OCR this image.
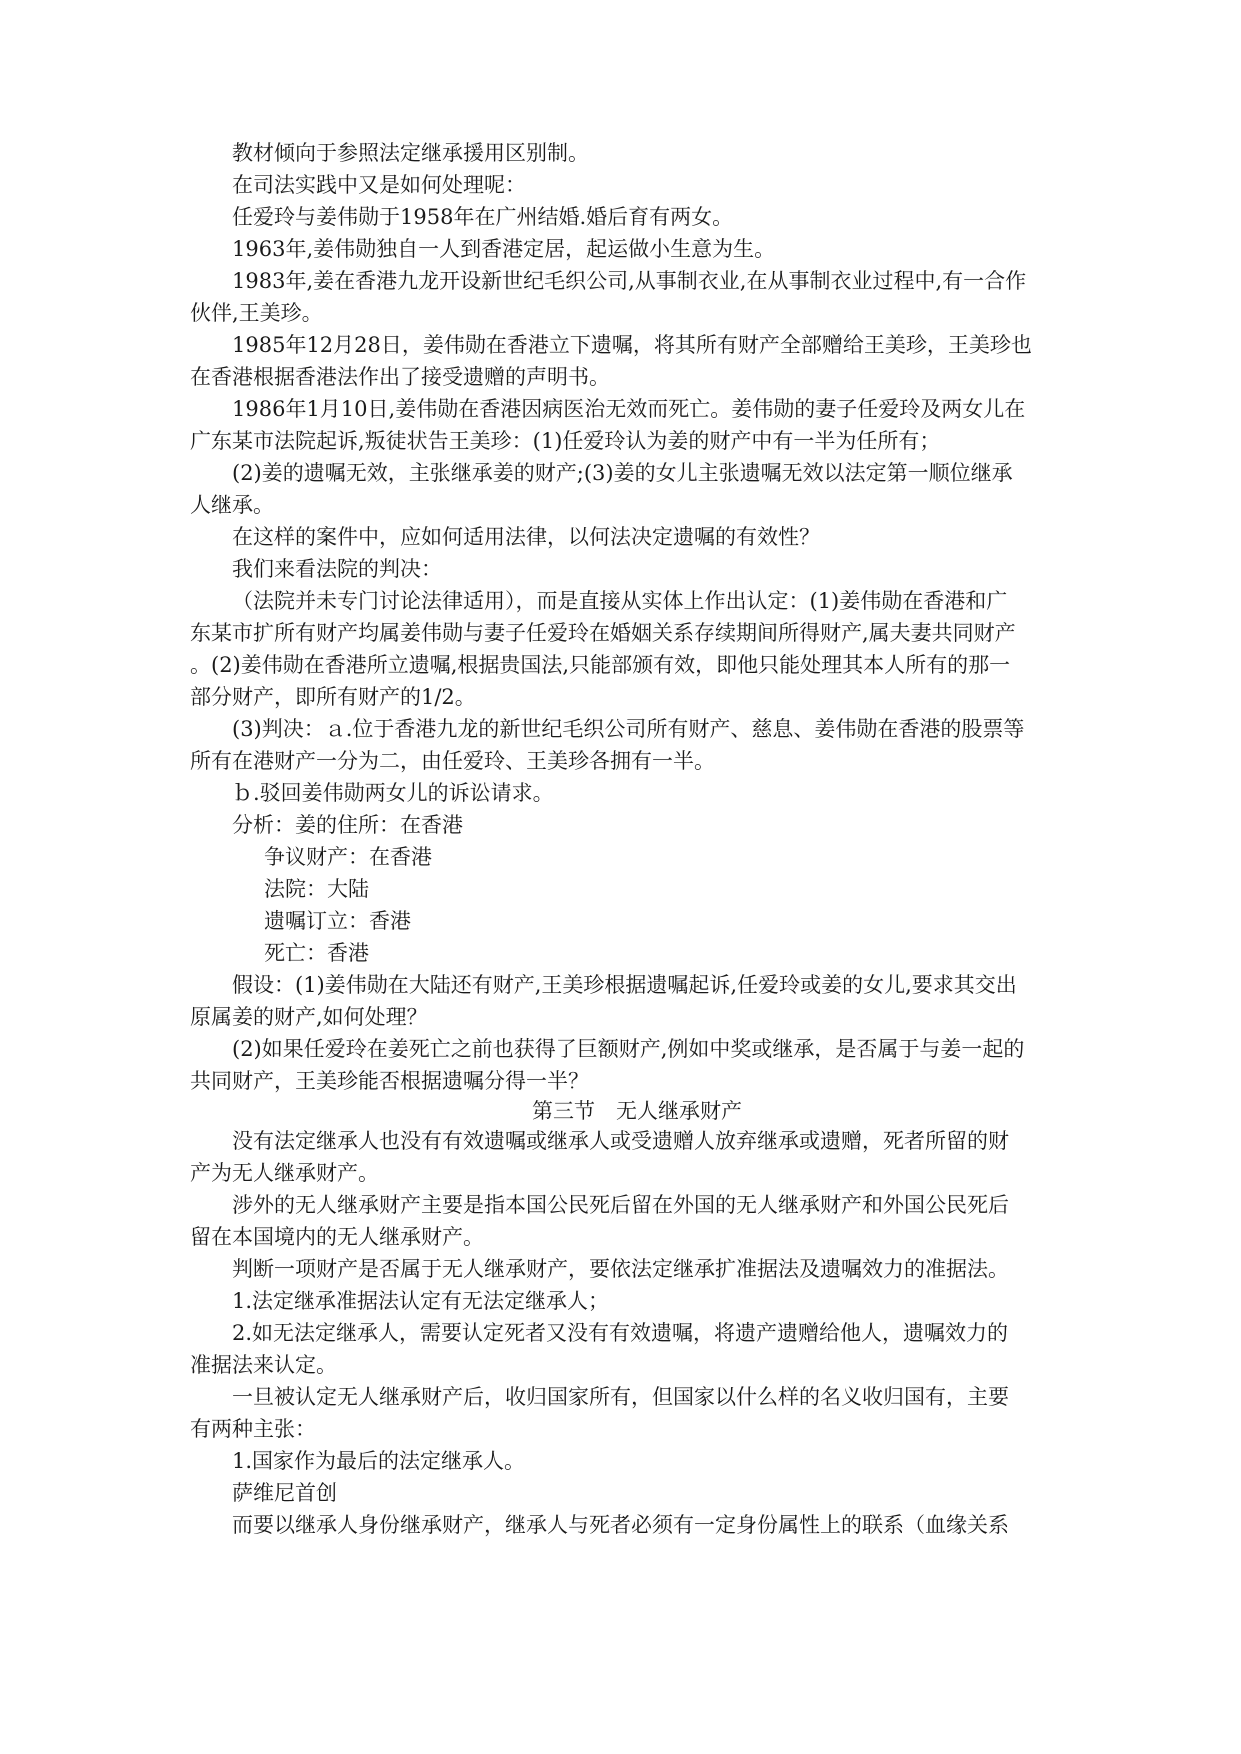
教材倾向于参照法定继承援用区别制。
在司法实践中又是如何处理呢：
任爱玲与姜伟勋于1958年在广州结婚.婚后育有两女。
1963年,姜伟勋独自一人到香港定居，起运做小生意为生。
1983年,姜在香港九龙开设新世纪毛织公司,从事制衣业,在从事制衣业过程中,有一合作
伙伴,王美珍。
1985年12月28日，姜伟勋在香港立下遗嘱，将其所有财产全部赠给王美珍，王美珍也
在香港根据香港法作出了接受遗赠的声明书。
1986年1月10日,姜伟勋在香港因病医治无效而死亡。姜伟勋的妻子任爱玲及两女儿在
广东某市法院起诉,叛徒状告王美珍：(1)任爱玲认为姜的财产中有一半为任所有；
(2)姜的遗嘱无效，主张继承姜的财产;(3)姜的女儿主张遗嘱无效以法定第一顺位继承
人继承。
在这样的案件中，应如何适用法律，以何法决定遗嘱的有效性？
我们来看法院的判决：
（法院并未专门讨论法律适用），而是直接从实体上作出认定：(1)姜伟勋在香港和广
东某市扩所有财产均属姜伟勋与妻子任爱玲在婚姻关系存续期间所得财产,属夫妻共同财产
。(2)姜伟勋在香港所立遗嘱,根据贵国法,只能部颁有效，即他只能处理其本人所有的那一
部分财产，即所有财产的1/2。
(3)判决：ａ.位于香港九龙的新世纪毛织公司所有财产、慈息、姜伟勋在香港的股票等
所有在港财产一分为二，由任爱玲、王美珍各拥有一半。
ｂ.驳回姜伟勋两女儿的诉讼请求。
分析：姜的住所：在香港
争议财产：在香港
法院：大陆
遗嘱订立：香港
死亡：香港
假设：(1)姜伟勋在大陆还有财产,王美珍根据遗嘱起诉,任爱玲或姜的女儿,要求其交出
原属姜的财产,如何处理？
(2)如果任爱玲在姜死亡之前也获得了巨额财产,例如中奖或继承，是否属于与姜一起的
共同财产，王美珍能否根据遗嘱分得一半？
第三节　无人继承财产
没有法定继承人也没有有效遗嘱或继承人或受遗赠人放弃继承或遗赠，死者所留的财
产为无人继承财产。
涉外的无人继承财产主要是指本国公民死后留在外国的无人继承财产和外国公民死后
留在本国境内的无人继承财产。
判断一项财产是否属于无人继承财产，要依法定继承扩准据法及遗嘱效力的准据法。
1.法定继承准据法认定有无法定继承人；
2.如无法定继承人，需要认定死者又没有有效遗嘱，将遗产遗赠给他人，遗嘱效力的
准据法来认定。
一旦被认定无人继承财产后，收归国家所有，但国家以什么样的名义收归国有，主要
有两种主张：
1.国家作为最后的法定继承人。
萨维尼首创
而要以继承人身份继承财产，继承人与死者必须有一定身份属性上的联系（血缘关系
